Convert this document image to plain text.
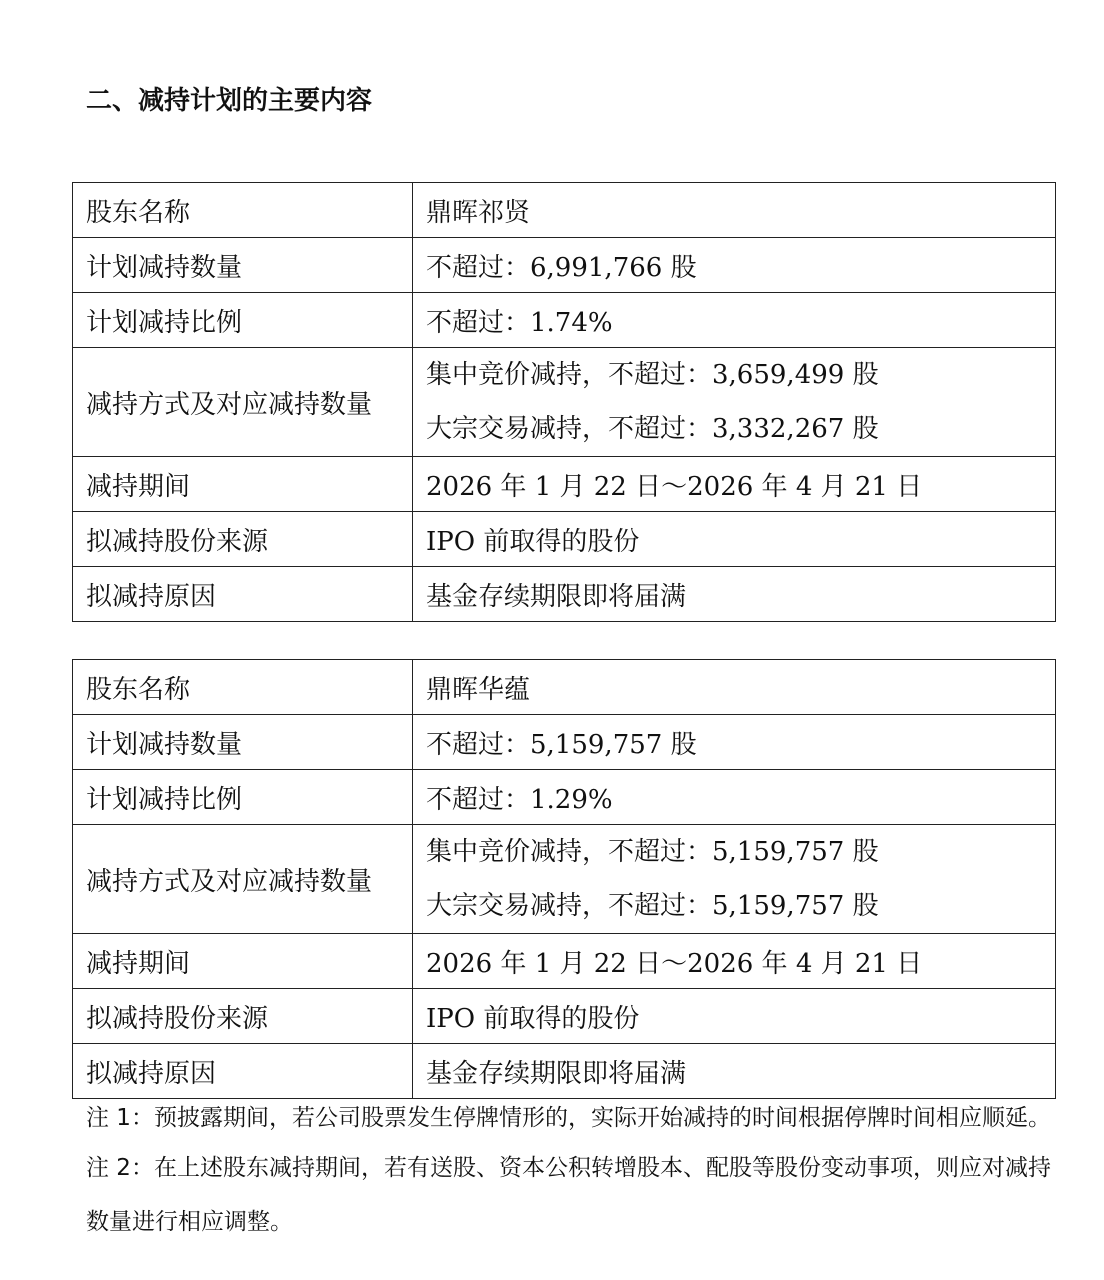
二、减持计划的主要内容
股东名称	鼎晖祁贤
计划减持数量	不超过：6,991,766 股
计划减持比例	不超过：1.74%
减持方式及对应减持数量	集中竞价减持，不超过：3,659,499 股
大宗交易减持，不超过：3,332,267 股

减持期间	2026 年 1 月 22 日～2026 年 4 月 21 日
拟减持股份来源	IPO 前取得的股份
拟减持原因	基金存续期限即将届满
股东名称	鼎晖华蕴
计划减持数量	不超过：5,159,757 股
计划减持比例	不超过：1.29%
减持方式及对应减持数量	集中竞价减持，不超过：5,159,757 股
大宗交易减持，不超过：5,159,757 股

减持期间	2026 年 1 月 22 日～2026 年 4 月 21 日
拟减持股份来源	IPO 前取得的股份
拟减持原因	基金存续期限即将届满

注 1：预披露期间，若公司股票发生停牌情形的，实际开始减持的时间根据停牌时间相应顺延。

注 2：在上述股东减持期间，若有送股、资本公积转增股本、配股等股份变动事项，则应对减持数量进行相应调整。
